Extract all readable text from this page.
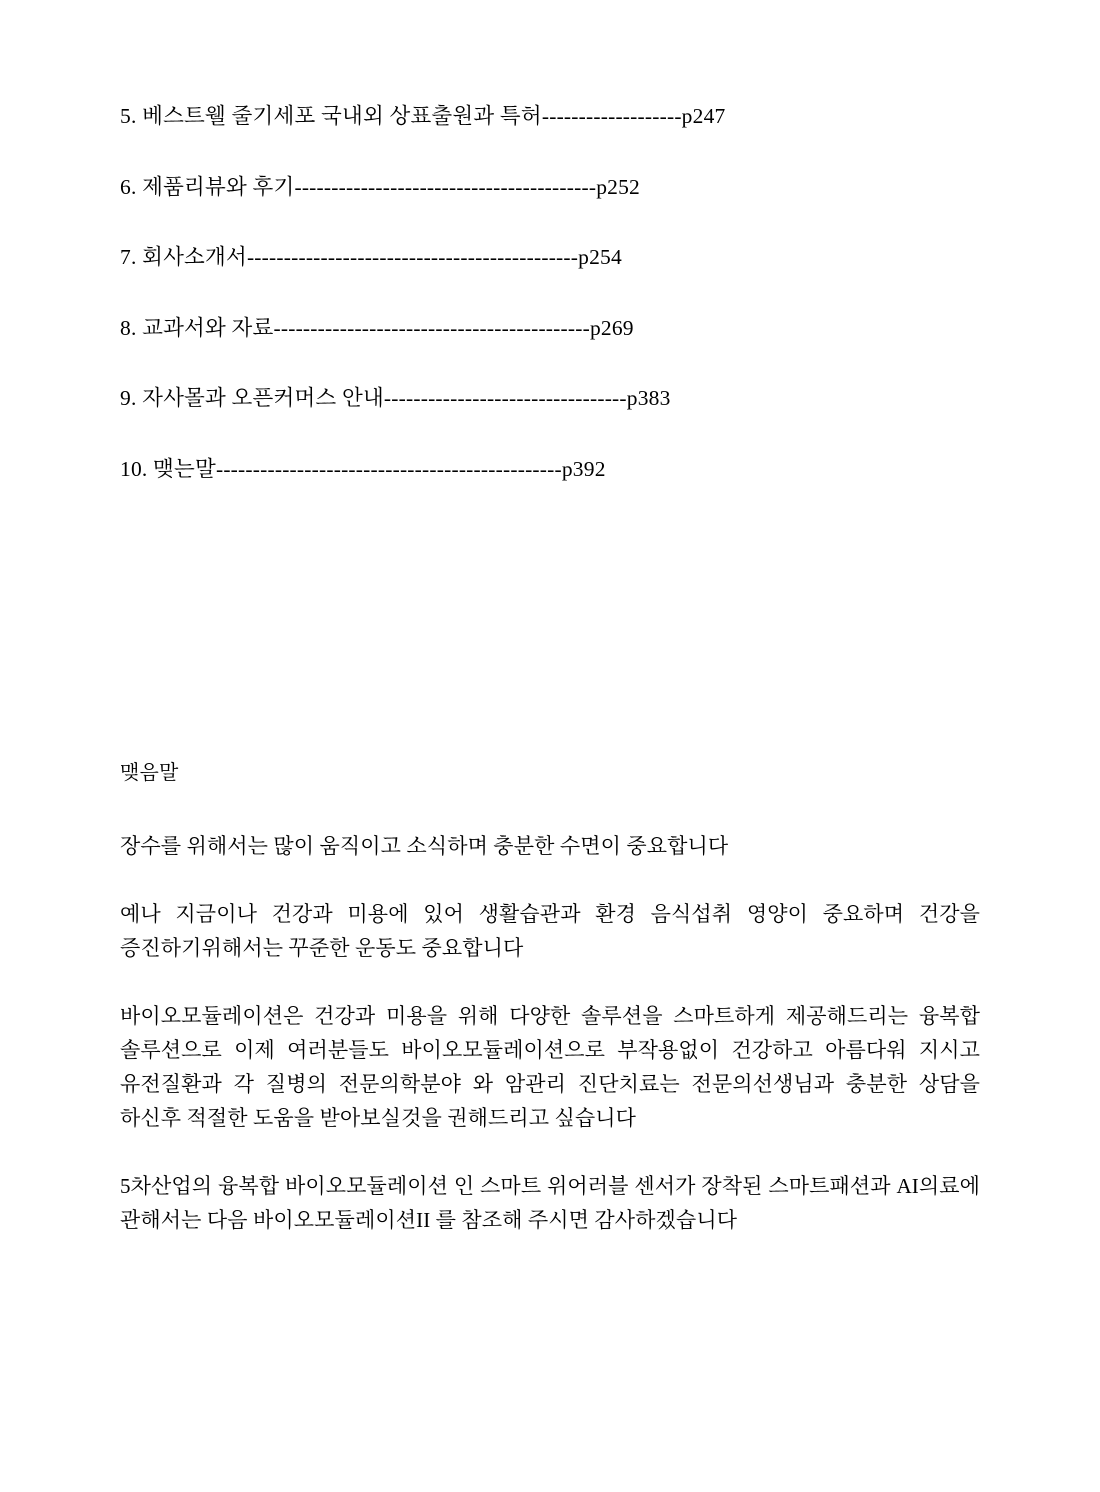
5. 베스트웰 줄기세포 국내외 상표출원과 특허-------------------p247
6. 제품리뷰와 후기-----------------------------------------p252
7. 회사소개서---------------------------------------------p254
8. 교과서와 자료-------------------------------------------p269
9. 자사몰과 오픈커머스 안내---------------------------------p383
10. 맺는말-----------------------------------------------p392

맺음말

장수를 위해서는 많이 움직이고 소식하며 충분한 수면이 중요합니다

예나 지금이나 건강과 미용에 있어 생활습관과 환경 음식섭취 영양이 중요하며 건강을 증진하기위해서는 꾸준한 운동도 중요합니다

바이오모듈레이션은 건강과 미용을 위해 다양한 솔루션을 스마트하게 제공해드리는 융복합 솔루션으로 이제 여러분들도 바이오모듈레이션으로 부작용없이 건강하고 아름다워 지시고 유전질환과 각 질병의 전문의학분야 와 암관리 진단치료는 전문의선생님과 충분한 상담을 하신후 적절한 도움을 받아보실것을 권해드리고 싶습니다

5차산업의 융복합 바이오모듈레이션 인 스마트 위어러블 센서가 장착된 스마트패션과 AI의료에 관해서는 다음 바이오모듈레이션II 를 참조해 주시면 감사하겠습니다
